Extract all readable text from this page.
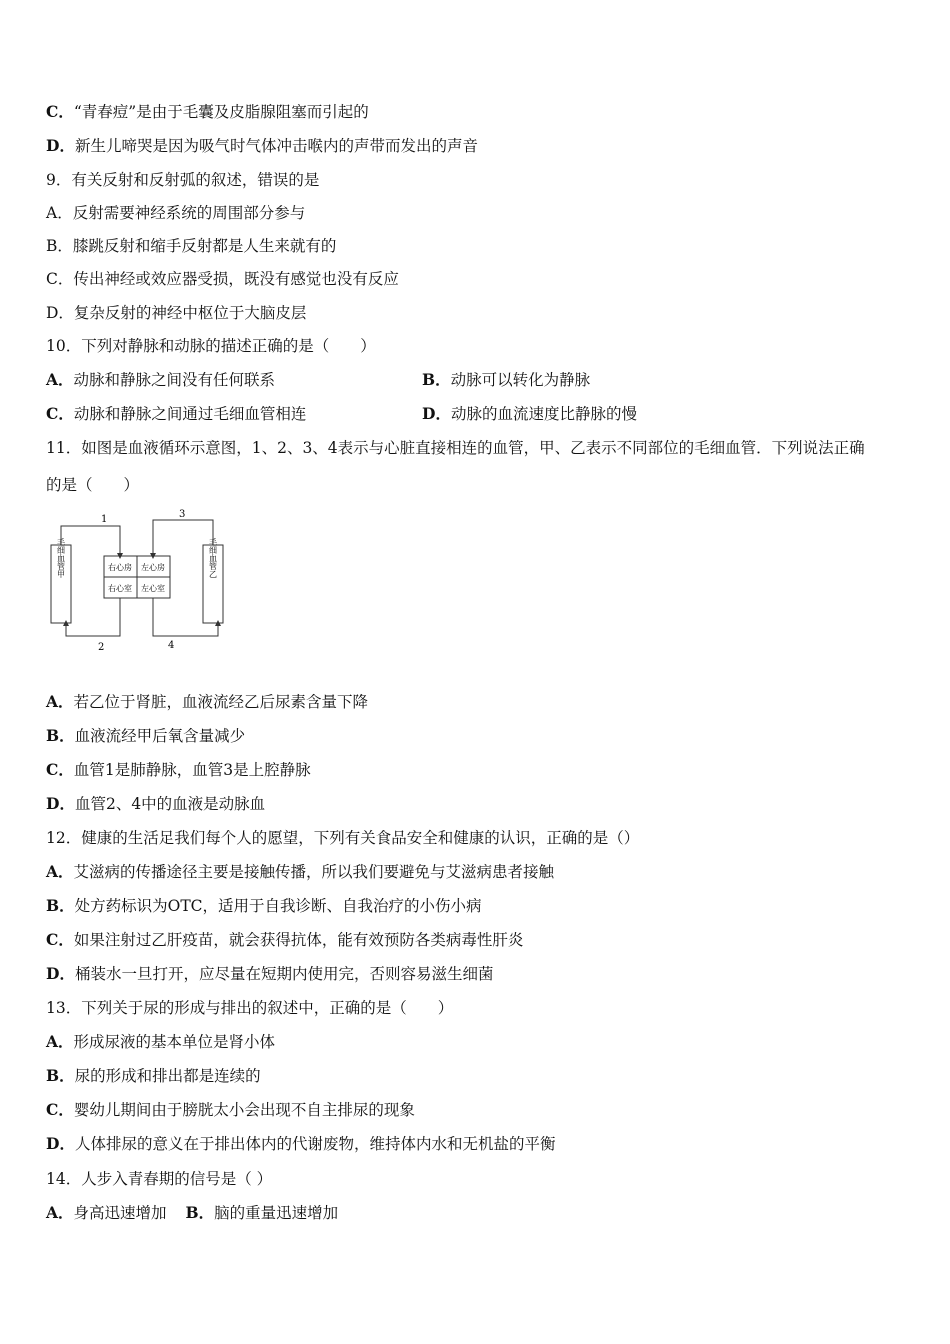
C．“青春痘”是由于毛囊及皮脂腺阻塞而引起的
D．新生儿啼哭是因为吸气时气体冲击喉内的声带而发出的声音
9．有关反射和反射弧的叙述，错误的是
A．反射需要神经系统的周围部分参与
B．膝跳反射和缩手反射都是人生来就有的
C．传出神经或效应器受损，既没有感觉也没有反应
D．复杂反射的神经中枢位于大脑皮层
10．下列对静脉和动脉的描述正确的是（　　）
A．动脉和静脉之间没有任何联系	B．动脉可以转化为静脉
C．动脉和静脉之间通过毛细血管相连	D．动脉的血流速度比静脉的慢
11．如图是血液循环示意图，1、2、3、4表示与心脏直接相连的血管，甲、乙表示不同部位的毛细血管．下列说法正确
的是（　　）
毛细血管甲	毛细血管乙
右心房 左心房
右心室 左心室
1	3
2	4
A．若乙位于肾脏，血液流经乙后尿素含量下降
B．血液流经甲后氧含量减少
C．血管1是肺静脉，血管3是上腔静脉
D．血管2、4中的血液是动脉血
12．健康的生活足我们每个人的愿望，下列有关食品安全和健康的认识，正确的是（）
A．艾滋病的传播途径主要是接触传播，所以我们要避免与艾滋病患者接触
B．处方药标识为OTC，适用于自我诊断、自我治疗的小伤小病
C．如果注射过乙肝疫苗，就会获得抗体，能有效预防各类病毒性肝炎
D．桶装水一旦打开，应尽量在短期内使用完，否则容易滋生细菌
13．下列关于尿的形成与排出的叙述中，正确的是（　　）
A．形成尿液的基本单位是肾小体
B．尿的形成和排出都是连续的
C．婴幼儿期间由于膀胱太小会出现不自主排尿的现象
D．人体排尿的意义在于排出体内的代谢废物，维持体内水和无机盐的平衡
14．人步入青春期的信号是（ ）
A．身高迅速增加 B．脑的重量迅速增加
